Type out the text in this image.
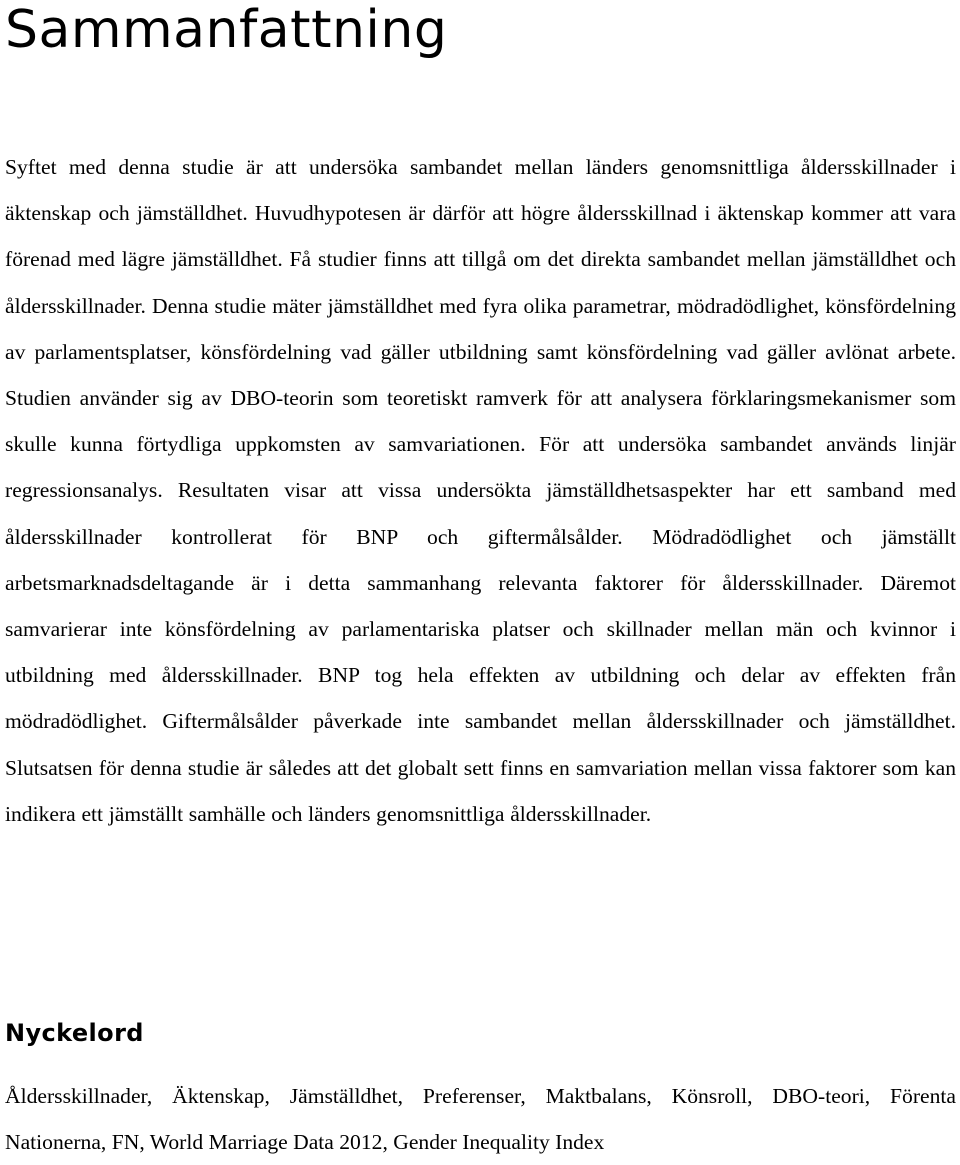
Sammanfattning

Syftet med denna studie är att undersöka sambandet mellan länders genomsnittliga åldersskillnader i äktenskap och jämställdhet. Huvudhypotesen är därför att högre åldersskillnad i äktenskap kommer att vara förenad med lägre jämställdhet. Få studier finns att tillgå om det direkta sambandet mellan jämställdhet och åldersskillnader. Denna studie mäter jämställdhet med fyra olika parametrar, mödradödlighet, könsfördelning av parlamentsplatser, könsfördelning vad gäller utbildning samt könsfördelning vad gäller avlönat arbete. Studien använder sig av DBO-teorin som teoretiskt ramverk för att analysera förklaringsmekanismer som skulle kunna förtydliga uppkomsten av samvariationen. För att undersöka sambandet används linjär regressionsanalys. Resultaten visar att vissa undersökta jämställdhetsaspekter har ett samband med åldersskillnader kontrollerat för BNP och giftermålsålder. Mödradödlighet och jämställt arbetsmarknadsdeltagande är i detta sammanhang relevanta faktorer för åldersskillnader. Däremot samvarierar inte könsfördelning av parlamentariska platser och skillnader mellan män och kvinnor i utbildning med åldersskillnader. BNP tog hela effekten av utbildning och delar av effekten från mödradödlighet. Giftermålsålder påverkade inte sambandet mellan åldersskillnader och jämställdhet. Slutsatsen för denna studie är således att det globalt sett finns en samvariation mellan vissa faktorer som kan indikera ett jämställt samhälle och länders genomsnittliga åldersskillnader.

Nyckelord

Åldersskillnader, Äktenskap, Jämställdhet, Preferenser, Maktbalans, Könsroll, DBO-teori, Förenta Nationerna, FN, World Marriage Data 2012, Gender Inequality Index
